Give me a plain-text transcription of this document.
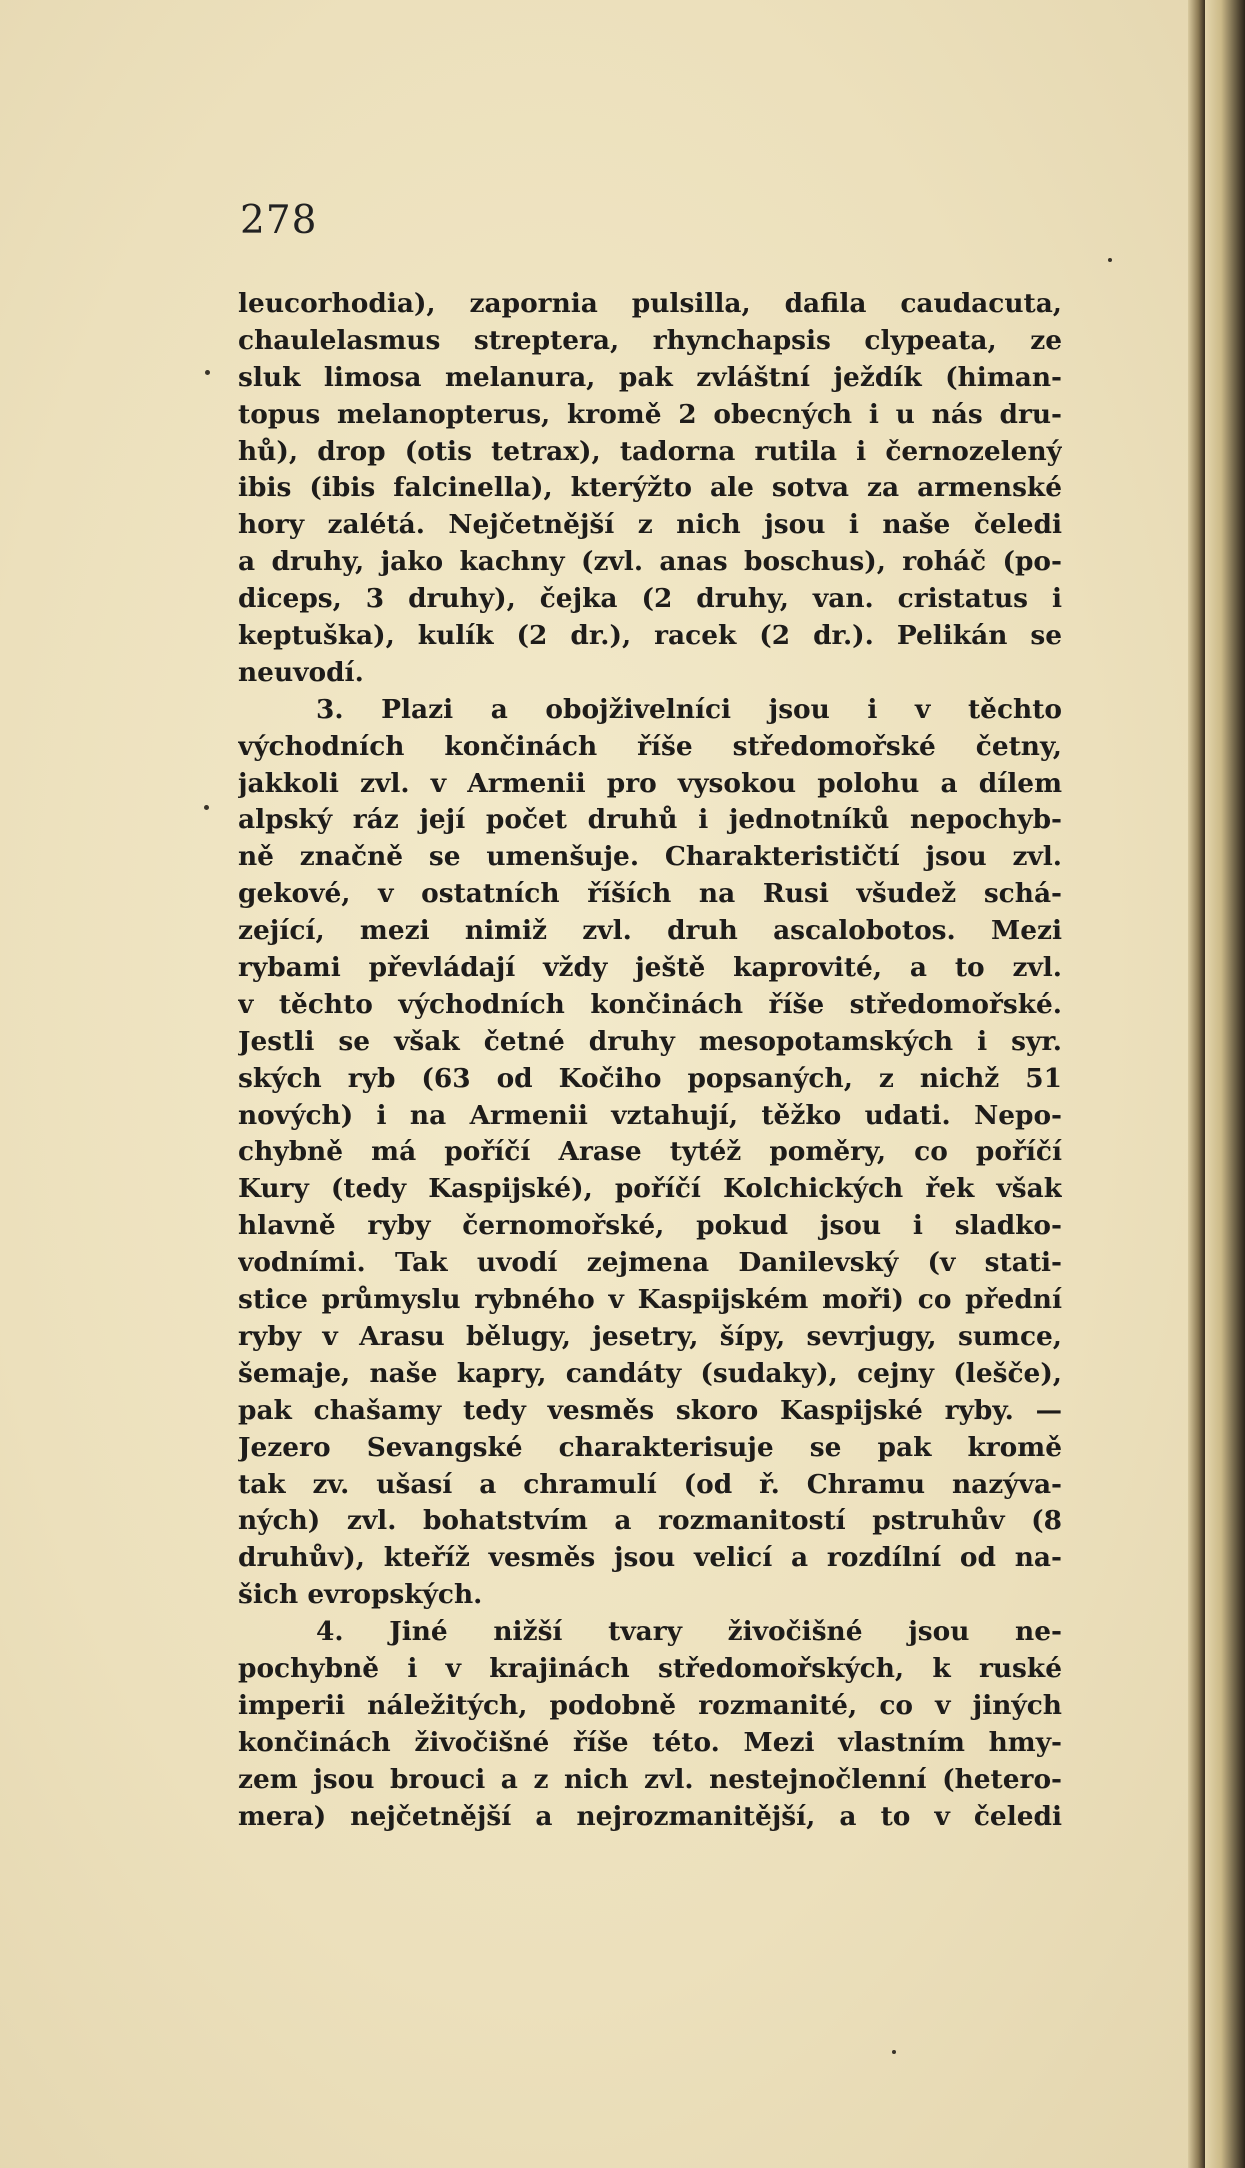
278
leucorhodia), zapornia pulsilla, dafila caudacuta,
chaulelasmus streptera, rhynchapsis clypeata, ze
sluk limosa melanura, pak zvláštní ježdík (himan-
topus melanopterus, kromě 2 obecných i u nás dru-
hů), drop (otis tetrax), tadorna rutila i černozelený
ibis (ibis falcinella), kterýžto ale sotva za armenské
hory zalétá. Nejčetnější z nich jsou i naše čeledi
a druhy, jako kachny (zvl. anas boschus), roháč (po-
diceps, 3 druhy), čejka (2 druhy, van. cristatus i
keptuška), kulík (2 dr.), racek (2 dr.). Pelikán se
neuvodí.
3. Plazi a obojživelníci jsou i v těchto
východních končinách říše středomořské četny,
jakkoli zvl. v Armenii pro vysokou polohu a dílem
alpský ráz její počet druhů i jednotníků nepochyb-
ně značně se umenšuje. Charakterističtí jsou zvl.
gekové, v ostatních říších na Rusi všudež schá-
zející, mezi nimiž zvl. druh ascalobotos. Mezi
rybami převládají vždy ještě kaprovité, a to zvl.
v těchto východních končinách říše středomořské.
Jestli se však četné druhy mesopotamských i syr.
ských ryb (63 od Kočiho popsaných, z nichž 51
nových) i na Armenii vztahují, těžko udati. Nepo-
chybně má poříčí Arase tytéž poměry, co poříčí
Kury (tedy Kaspijské), poříčí Kolchických řek však
hlavně ryby černomořské, pokud jsou i sladko-
vodními. Tak uvodí zejmena Danilevský (v stati-
stice průmyslu rybného v Kaspijském moři) co přední
ryby v Arasu bělugy, jesetry, šípy, sevrjugy, sumce,
šemaje, naše kapry, candáty (sudaky), cejny (lešče),
pak chašamy tedy vesměs skoro Kaspijské ryby. —
Jezero Sevangské charakterisuje se pak kromě
tak zv. ušasí a chramulí (od ř. Chramu nazýva-
ných) zvl. bohatstvím a rozmanitostí pstruhův (8
druhův), kteříž vesměs jsou velicí a rozdílní od na-
šich evropských.
4. Jiné nižší tvary živočišné jsou ne-
pochybně i v krajinách středomořských, k ruské
imperii náležitých, podobně rozmanité, co v jiných
končinách živočišné říše této. Mezi vlastním hmy-
zem jsou brouci a z nich zvl. nestejnočlenní (hetero-
mera) nejčetnější a nejrozmanitější, a to v čeledi
